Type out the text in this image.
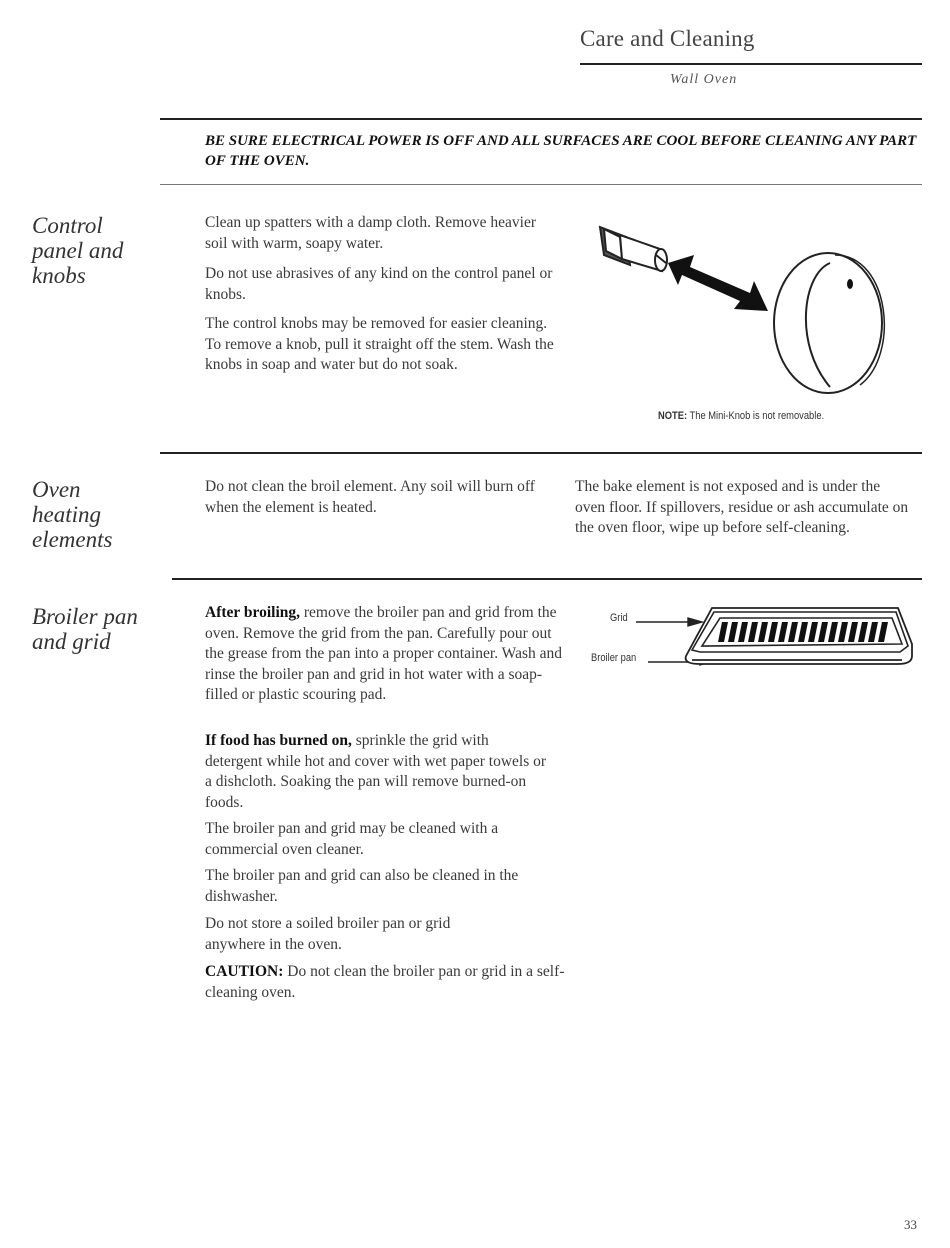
Care and Cleaning
Wall Oven
BE SURE ELECTRICAL POWER IS OFF AND ALL SURFACES ARE COOL BEFORE CLEANING ANY PART OF THE OVEN.
Control
panel and
knobs
Clean up spatters with a damp cloth. Remove heavier soil with warm, soapy water.
Do not use abrasives of any kind on the control panel or knobs.
The control knobs may be removed for easier cleaning. To remove a knob, pull it straight off the stem. Wash the knobs in soap and water but do not soak.
NOTE: The Mini-Knob is not removable.
Oven
heating
elements
Do not clean the broil element. Any soil will burn off when the element is heated.
The bake element is not exposed and is under the oven floor. If spillovers, residue or ash accumulate on the oven floor, wipe up before self-cleaning.
Broiler pan
and grid
After broiling, remove the broiler pan and grid from the oven. Remove the grid from the pan. Carefully pour out the grease from the pan into a proper container. Wash and rinse the broiler pan and grid in hot water with a soap-filled or plastic scouring pad.
If food has burned on, sprinkle the grid with detergent while hot and cover with wet paper towels or a dishcloth. Soaking the pan will remove burned-on foods.
The broiler pan and grid may be cleaned with a commercial oven cleaner.
The broiler pan and grid can also be cleaned in the dishwasher.
Do not store a soiled broiler pan or grid anywhere in the oven.
CAUTION: Do not clean the broiler pan or grid in a self-cleaning oven.
Grid
Broiler pan
33
